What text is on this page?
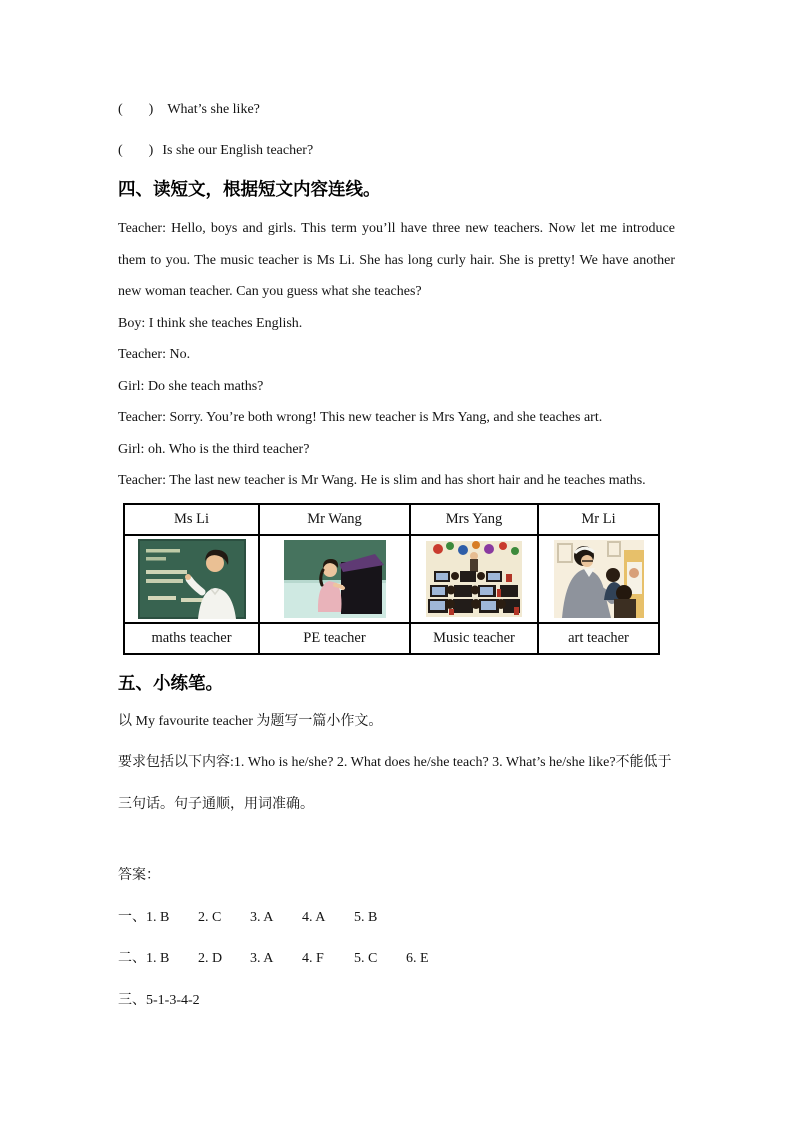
( ) What’s she like?
( ) Is she our English teacher?
四、读短文，根据短文内容连线。

Teacher: Hello, boys and girls. This term you’ll have three new teachers. Now let me introduce

them to you. The music teacher is Ms Li. She has long curly hair. She is pretty! We have another

new woman teacher. Can you guess what she teaches?

Boy: I think she teaches English.

Teacher: No.

Girl: Do she teach maths?

Teacher: Sorry. You’re both wrong! This new teacher is Mrs Yang, and she teaches art.

Girl: oh. Who is the third teacher?

Teacher: The last new teacher is Mr Wang. He is slim and has short hair and he teaches maths.

Ms Li	Mr Wang	Mrs Yang	Mr Li

maths teacher	PE teacher	Music teacher	art teacher
五、小练笔。

以 My favourite teacher 为题写一篇小作文。

要求包括以下内容:1. Who is he/she? 2. What does he/she teach? 3. What’s he/she like?不能低于

三句话。句子通顺，用词准确。

答案：

一、1. B 2. C 3. A 4. A 5. B

二、1. B 2. D 3. A 4. F 5. C 6. E

三、5-1-3-4-2
